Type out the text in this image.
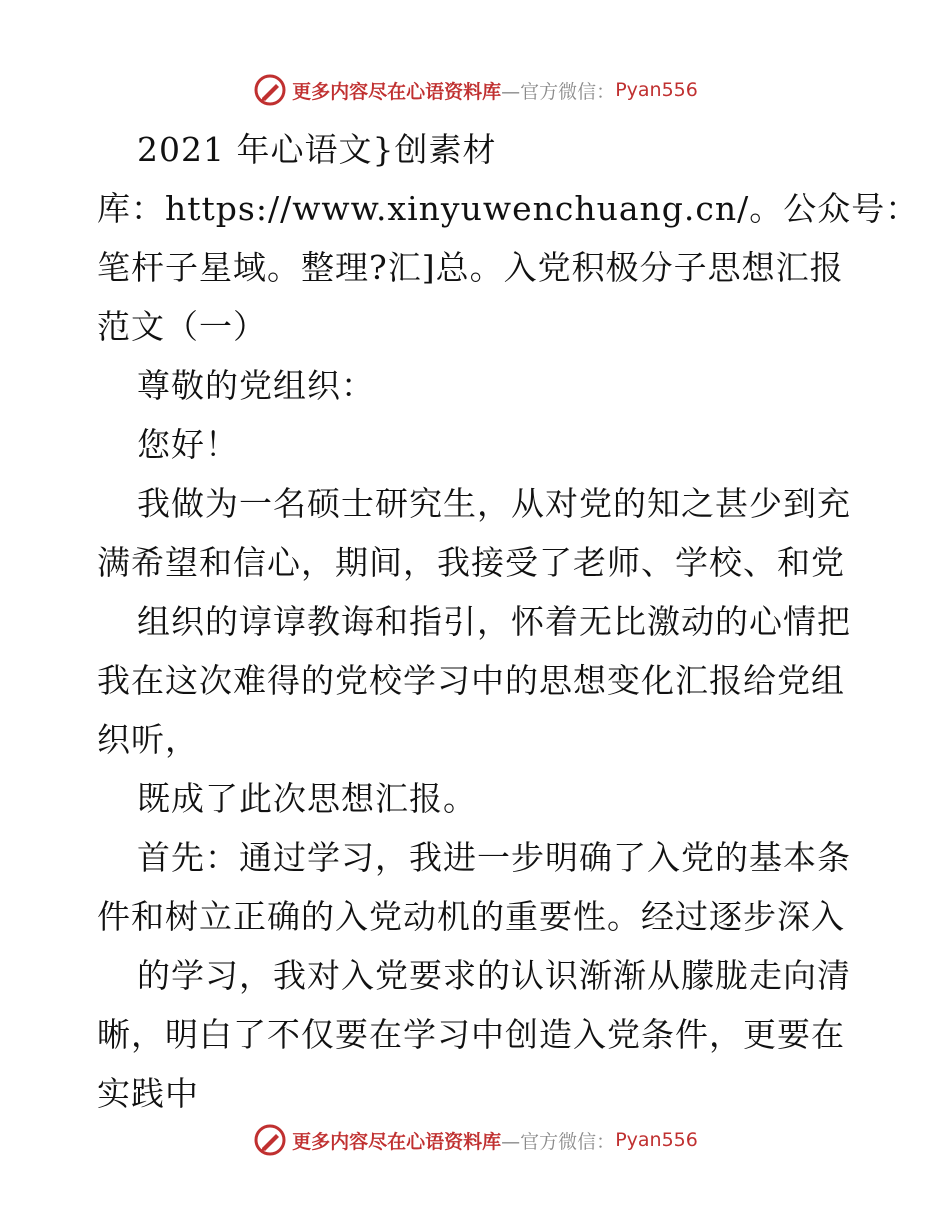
更多内容尽在心语资料库 —官方微信： Pyan556
2021 年心语文}创素材
库：https://www.xinyuwenchuang.cn/。公众号：
笔杆子星域。整理?汇]总。入党积极分子思想汇报
范文（一）
尊敬的党组织：
您好！
我做为一名硕士研究生，从对党的知之甚少到充
满希望和信心，期间，我接受了老师、学校、和党
组织的谆谆教诲和指引，怀着无比激动的心情把
我在这次难得的党校学习中的思想变化汇报给党组
织听，
既成了此次思想汇报。
首先：通过学习，我进一步明确了入党的基本条
件和树立正确的入党动机的重要性。经过逐步深入
的学习，我对入党要求的认识渐渐从朦胧走向清
晰，明白了不仅要在学习中创造入党条件，更要在
实践中
更多内容尽在心语资料库 —官方微信： Pyan556
